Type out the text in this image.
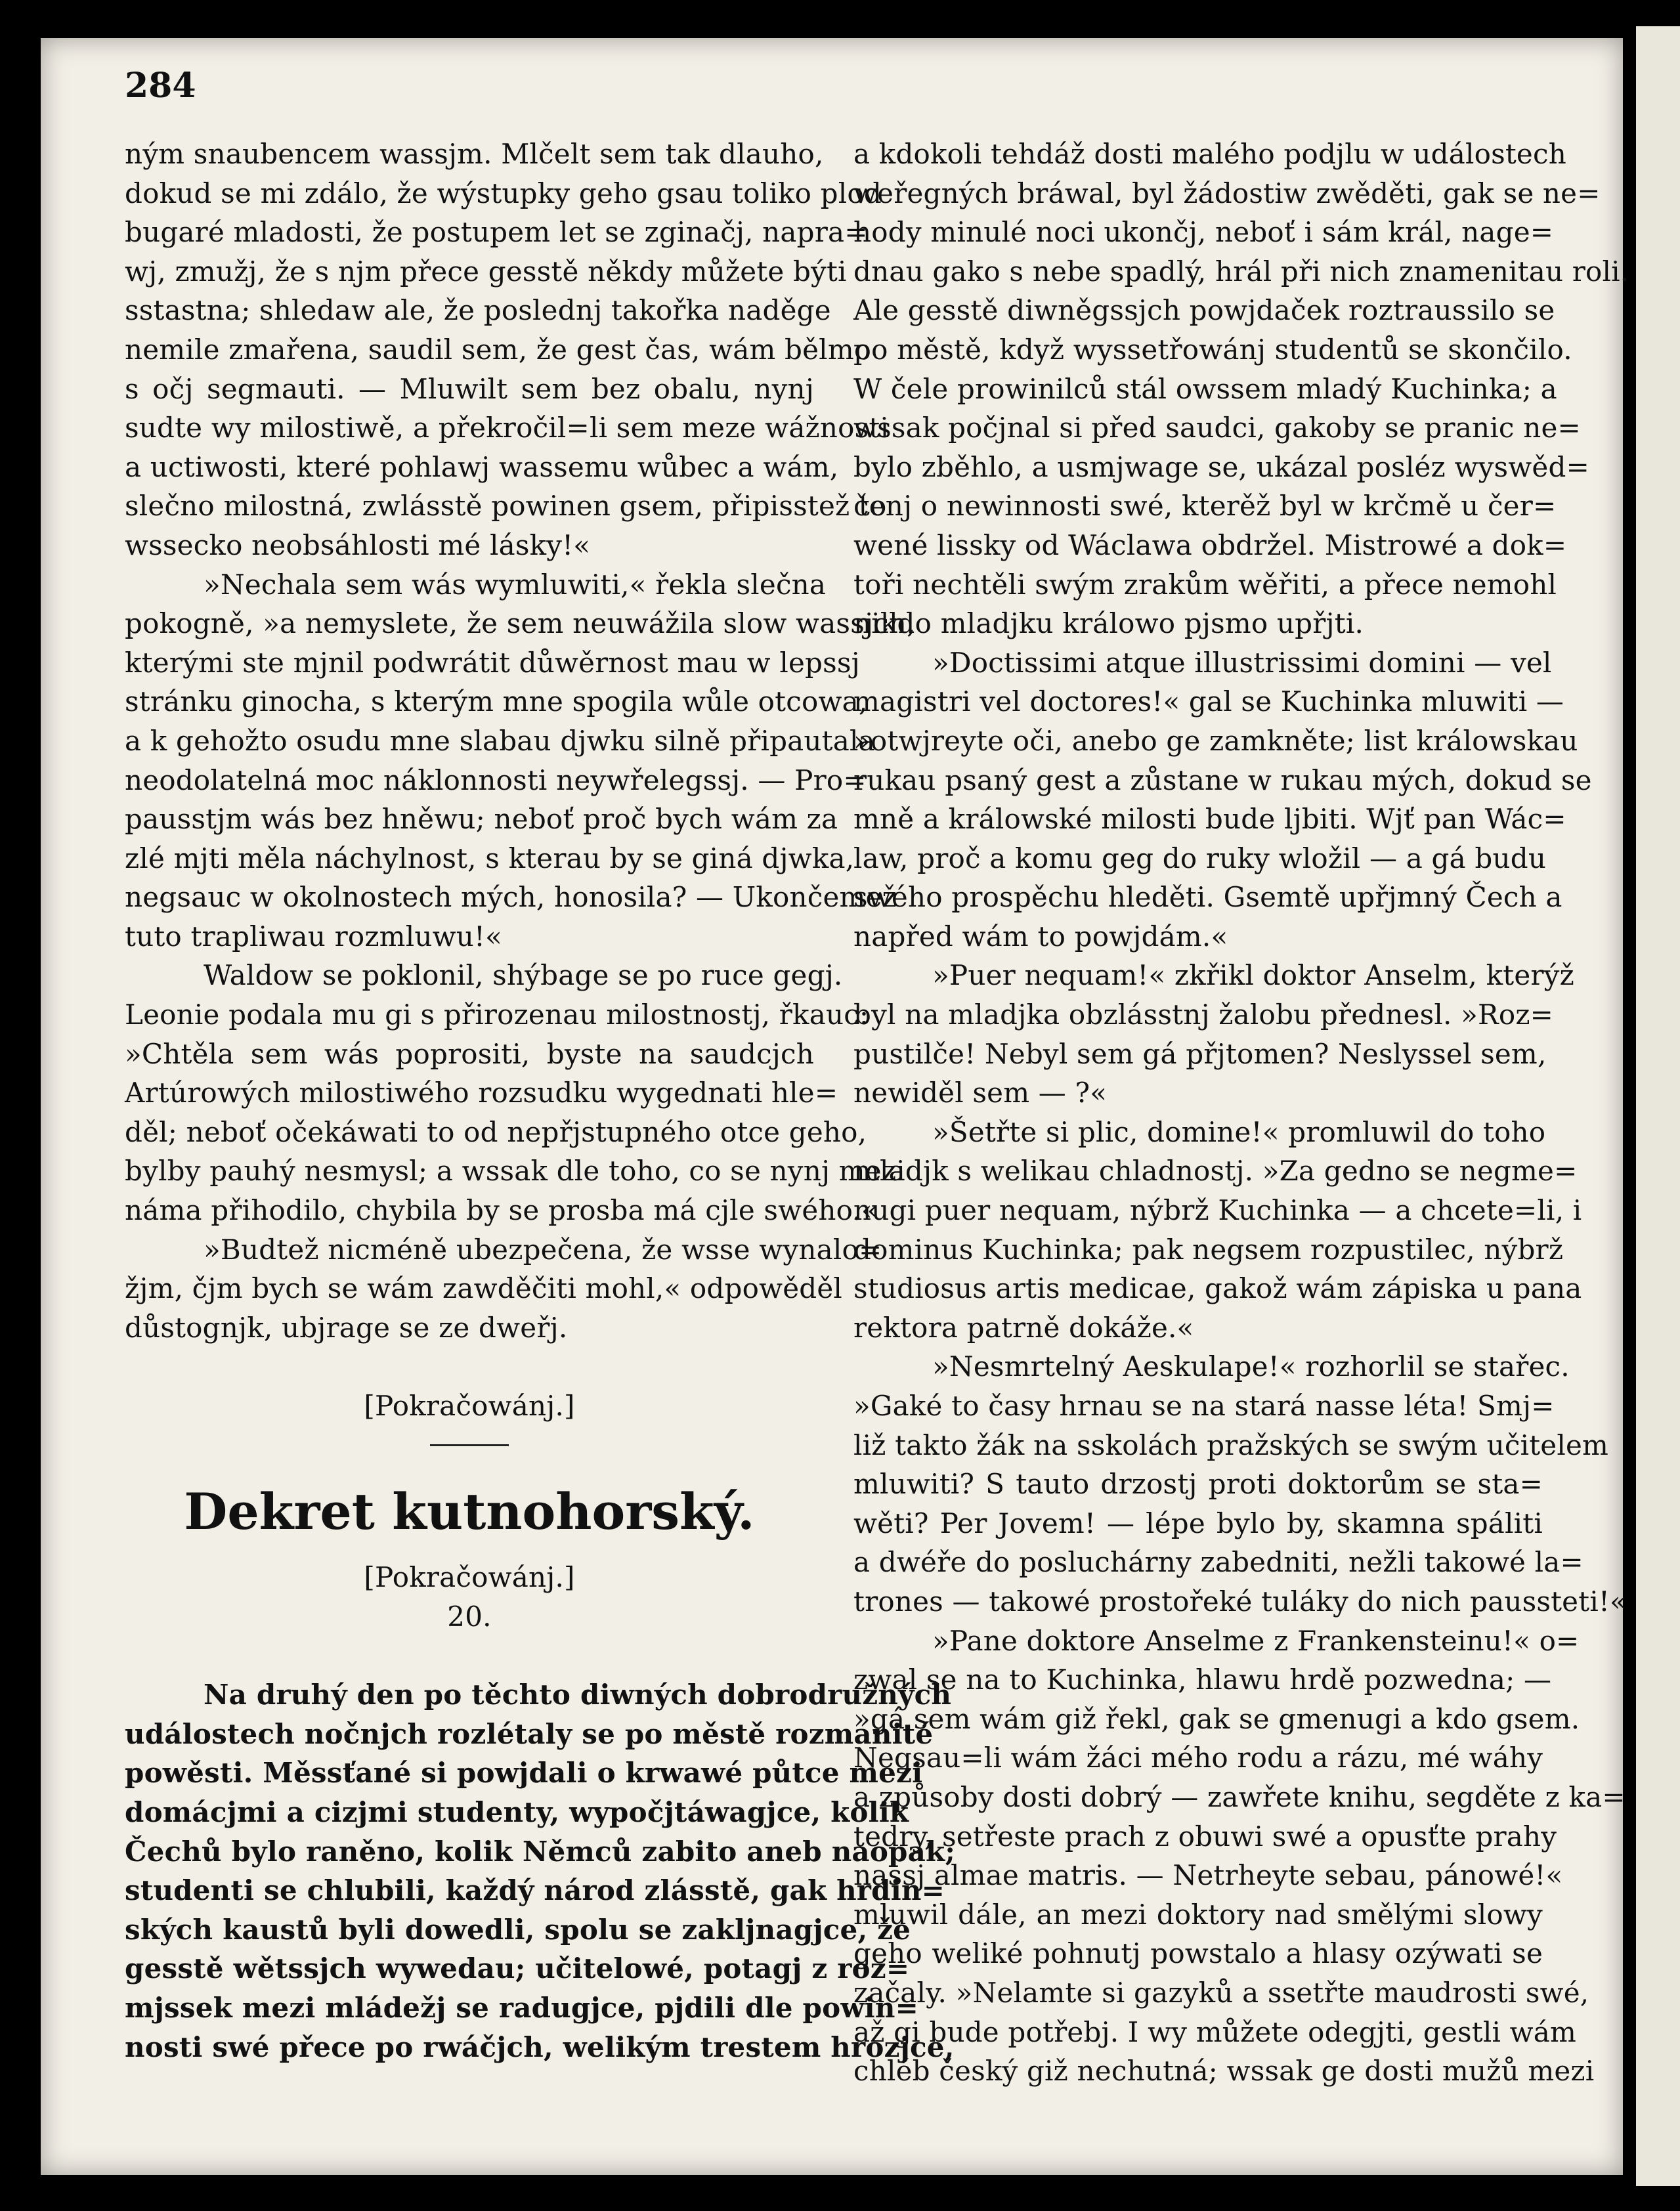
284
ným snaubencem wassjm. Mlčelt sem tak dlauho,
dokud se mi zdálo, že wýstupky geho gsau toliko plod
bugaré mladosti, že postupem let se zginačj, napra=
wj, zmužj, že s njm přece gesstě někdy můžete býti
sstastna; shledaw ale, že poslednj takořka naděge
nemile zmařena, saudil sem, že gest čas, wám bělmo
s očj segmauti. — Mluwilt sem bez obalu, nynj
sudte wy milostiwě, a překročil=li sem meze wážnosti
a uctiwosti, které pohlawj wassemu wůbec a wám,
slečno milostná, zwlásstě powinen gsem, připisstež to
wssecko neobsáhlosti mé lásky!«
»Nechala sem wás wymluwiti,« řekla slečna
pokogně, »a nemyslete, že sem neuwážila slow wassjch,
kterými ste mjnil podwrátit důwěrnost mau w lepssj
stránku ginocha, s kterým mne spogila wůle otcowa,
a k gehožto osudu mne slabau djwku silně připautala
neodolatelná moc náklonnosti neywřelegssj. — Pro=
pausstjm wás bez hněwu; neboť proč bych wám za
zlé mjti měla náchylnost, s kterau by se giná djwka,
negsauc w okolnostech mých, honosila? — Ukončemež
tuto trapliwau rozmluwu!«
Waldow se poklonil, shýbage se po ruce gegj.
Leonie podala mu gi s přirozenau milostnostj, řkauc:
»Chtěla sem wás poprositi, byste na saudcjch
Artúrowých milostiwého rozsudku wygednati hle=
děl; neboť očekáwati to od nepřjstupného otce geho,
bylby pauhý nesmysl; a wssak dle toho, co se nynj mezi
náma přihodilo, chybila by se prosba má cjle swého.«
»Budtež nicméně ubezpečena, že wsse wynalo=
žjm, čjm bych se wám zawděčiti mohl,« odpowěděl
důstognjk, ubjrage se ze dweřj.
[Pokračowánj.]
Dekret kutnohorský.
[Pokračowánj.]
20.
Na druhý den po těchto diwných dobrodružných
událostech nočnjch rozlétaly se po městě rozmanité
powěsti. Měssťané si powjdali o krwawé půtce mezi
domácjmi a cizjmi studenty, wypočjtáwagjce, kolik
Čechů bylo raněno, kolik Němců zabito aneb naopak;
studenti se chlubili, každý národ zlásstě, gak hrdin=
ských kaustů byli dowedli, spolu se zakljnagjce, že
gesstě wětssjch wywedau; učitelowé, potagj z roz=
mjssek mezi mládežj se radugjce, pjdili dle powin=
nosti swé přece po rwáčjch, welikým trestem hrozjce,
a kdokoli tehdáž dosti malého podjlu w událostech
weřegných bráwal, byl žádostiw zwěděti, gak se ne=
hody minulé noci ukončj, neboť i sám král, nage=
dnau gako s nebe spadlý, hrál při nich znamenitau roli.
Ale gesstě diwněgssjch powjdaček roztraussilo se
po městě, když wyssetřowánj studentů se skončilo.
W čele prowinilců stál owssem mladý Kuchinka; a
wssak počjnal si před saudci, gakoby se pranic ne=
bylo zběhlo, a usmjwage se, ukázal posléz wyswěd=
čenj o newinnosti swé, kterěž byl w krčmě u čer=
wené lissky od Wáclawa obdržel. Mistrowé a dok=
toři nechtěli swým zrakům wěřiti, a přece nemohl
nikdo mladjku králowo pjsmo upřjti.
»Doctissimi atque illustrissimi domini — vel
magistri vel doctores!« gal se Kuchinka mluwiti —
»otwjreyte oči, anebo ge zamkněte; list králowskau
rukau psaný gest a zůstane w rukau mých, dokud se
mně a králowské milosti bude ljbiti. Wjť pan Wác=
law, proč a komu geg do ruky wložil — a gá budu
swého prospěchu hleděti. Gsemtě upřjmný Čech a
napřed wám to powjdám.«
»Puer nequam!« zkřikl doktor Anselm, kterýž
byl na mladjka obzlásstnj žalobu přednesl. »Roz=
pustilče! Nebyl sem gá přjtomen? Neslyssel sem,
newiděl sem — ?«
»Šetřte si plic, domine!« promluwil do toho
mladjk s welikau chladnostj. »Za gedno se negme=
nugi puer nequam, nýbrž Kuchinka — a chcete=li, i
dominus Kuchinka; pak negsem rozpustilec, nýbrž
studiosus artis medicae, gakož wám zápiska u pana
rektora patrně dokáže.«
»Nesmrtelný Aeskulape!« rozhorlil se stařec.
»Gaké to časy hrnau se na stará nasse léta! Smj=
liž takto žák na sskolách pražských se swým učitelem
mluwiti? S tauto drzostj proti doktorům se sta=
wěti? Per Jovem! — lépe bylo by, skamna spáliti
a dwéře do posluchárny zabedniti, nežli takowé la=
trones — takowé prostořeké tuláky do nich paussteti!«
»Pane doktore Anselme z Frankensteinu!« o=
zwal se na to Kuchinka, hlawu hrdě pozwedna; —
»gá sem wám giž řekl, gak se gmenugi a kdo gsem.
Negsau=li wám žáci mého rodu a rázu, mé wáhy
a způsoby dosti dobrý — zawřete knihu, segděte z ka=
tedry, setřeste prach z obuwi swé a opusťte prahy
nassj almae matris. — Netrheyte sebau, pánowé!«
mluwil dále, an mezi doktory nad smělými slowy
geho weliké pohnutj powstalo a hlasy ozýwati se
začaly. »Nelamte si gazyků a ssetřte maudrosti swé,
až gi bude potřebj. I wy můžete odegjti, gestli wám
chléb český giž nechutná; wssak ge dosti mužů mezi
